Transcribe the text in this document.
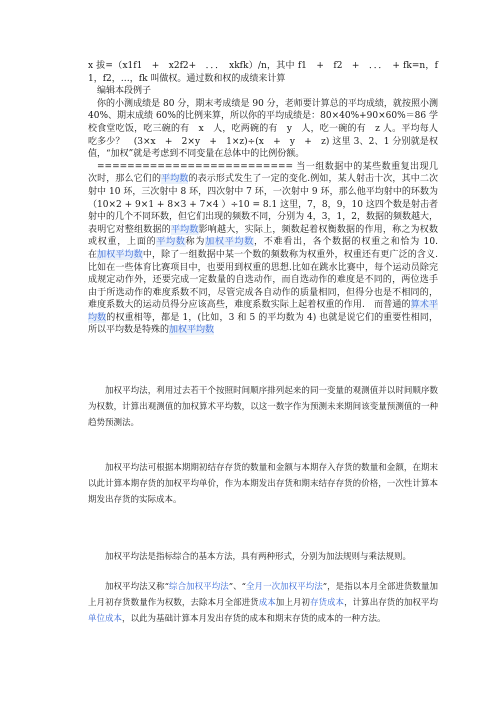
x 拔=（x1f1　+　x2f2+　．．．　xkfk）/n，其中 f1　+　f2　+　．．．　+ fk=n，f1，f2，…，fk 叫做权。通过数和权的成绩来计算

编辑本段例子

你的小测成绩是 80 分，期末考成绩是 90 分，老师要计算总的平均成绩，就按照小测 40%、期末成绩 60%的比例来算，所以你的平均成绩是：80×40%+90×60%＝86 学校食堂吃饭，吃三碗的有　x　人，吃两碗的有　y　人，吃一碗的有　z 人。平均每人吃多少？　(3×x　+　2×y　+　1×z)÷(x　+　y　+　z) 这里 3、2、1 分别就是权值，“加权”就是考虑到不同变量在总体中的比例份额。

========================== 当一组数据中的某些数重复出现几次时，那么它们的平均数的表示形式发生了一定的变化.例如，某人射击十次，其中二次射中 10 环，三次射中 8 环，四次射中 7 环，一次射中 9 环，那么他平均射中的环数为　（10×2 + 9×1 + 8×3 + 7×4 ）÷10 = 8.1 这里，7，8，9，10 这四个数是射击者射中的几个不同环数，但它们出现的频数不同，分别为 4，3，1，2，数据的频数越大，表明它对整组数据的平均数影响越大，实际上，频数起着权衡数据的作用，称之为权数或权重，上面的平均数称为加权平均数，不难看出，各个数据的权重之和恰为 10.　　在加权平均数中，除了一组数据中某一个数的频数称为权重外，权重还有更广泛的含义.　比如在一些体育比赛项目中，也要用到权重的思想.比如在跳水比赛中，每个运动员除完成规定动作外，还要完成一定数量的自选动作，而自选动作的难度是不同的，两位选手由于所选动作的难度系数不同，尽管完成各自动作的质量相同，但得分也是不相同的，难度系数大的运动员得分应该高些，难度系数实际上起着权重的作用.　而普通的算术平均数的权重相等，都是 1，(比如，3 和 5 的平均数为 4) 也就是说它们的重要性相同，所以平均数是特殊的加权平均数

加权平均法，利用过去若干个按照时间顺序排列起来的同一变量的观测值并以时间顺序数为权数，计算出观测值的加权算术平均数，以这一数字作为预测未来期间该变量预测值的一种趋势预测法。

加权平均法可根据本期期初结存存货的数量和金额与本期存入存货的数量和金额，在期末以此计算本期存货的加权平均单价，作为本期发出存货和期末结存存货的价格，一次性计算本期发出存货的实际成本。

加权平均法是指标综合的基本方法，具有两种形式，分别为加法规则与乘法规则。

加权平均法又称“综合加权平均法”、“全月一次加权平均法”，是指以本月全部进货数量加上月初存货数量作为权数，去除本月全部进货成本加上月初存货成本，计算出存货的加权平均单位成本，以此为基础计算本月发出存货的成本和期末存货的成本的一种方法。
